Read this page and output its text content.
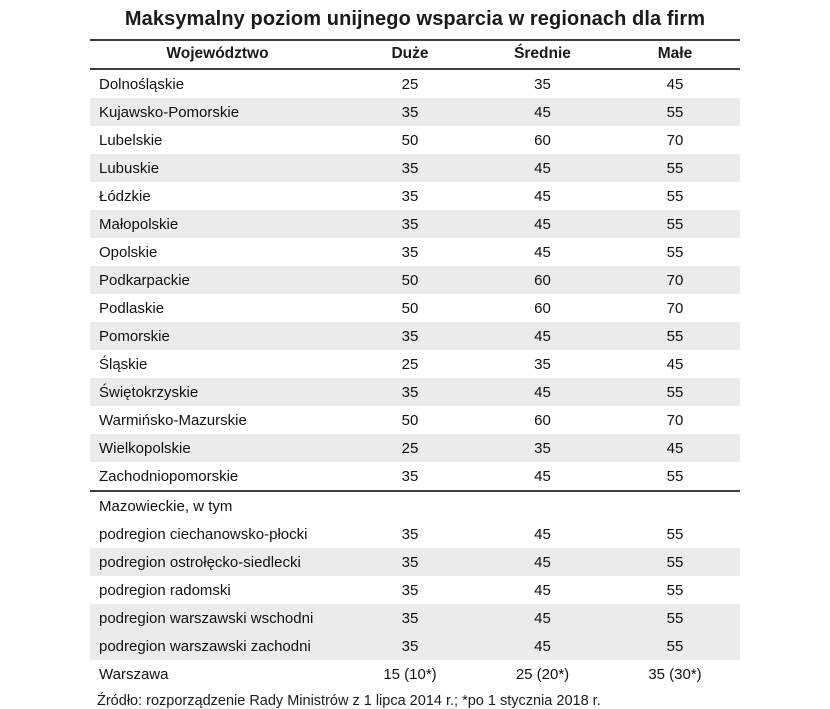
Maksymalny poziom unijnego wsparcia w regionach dla firm
Województwo	Duże	Średnie	Małe
Dolnośląskie	25	35	45
Kujawsko-Pomorskie	35	45	55
Lubelskie	50	60	70
Lubuskie	35	45	55
Łódzkie	35	45	55
Małopolskie	35	45	55
Opolskie	35	45	55
Podkarpackie	50	60	70
Podlaskie	50	60	70
Pomorskie	35	45	55
Śląskie	25	35	45
Świętokrzyskie	35	45	55
Warmińsko-Mazurskie	50	60	70
Wielkopolskie	25	35	45
Zachodniopomorskie	35	45	55
Mazowieckie, w tym			
podregion ciechanowsko-płocki	35	45	55
podregion ostrołęcko-siedlecki	35	45	55
podregion radomski	35	45	55
podregion warszawski wschodni	35	45	55
podregion warszawski zachodni	35	45	55
Warszawa	15 (10*)	25 (20*)	35 (30*)
Źródło: rozporządzenie Rady Ministrów z 1 lipca 2014 r.; *po 1 stycznia 2018 r.
